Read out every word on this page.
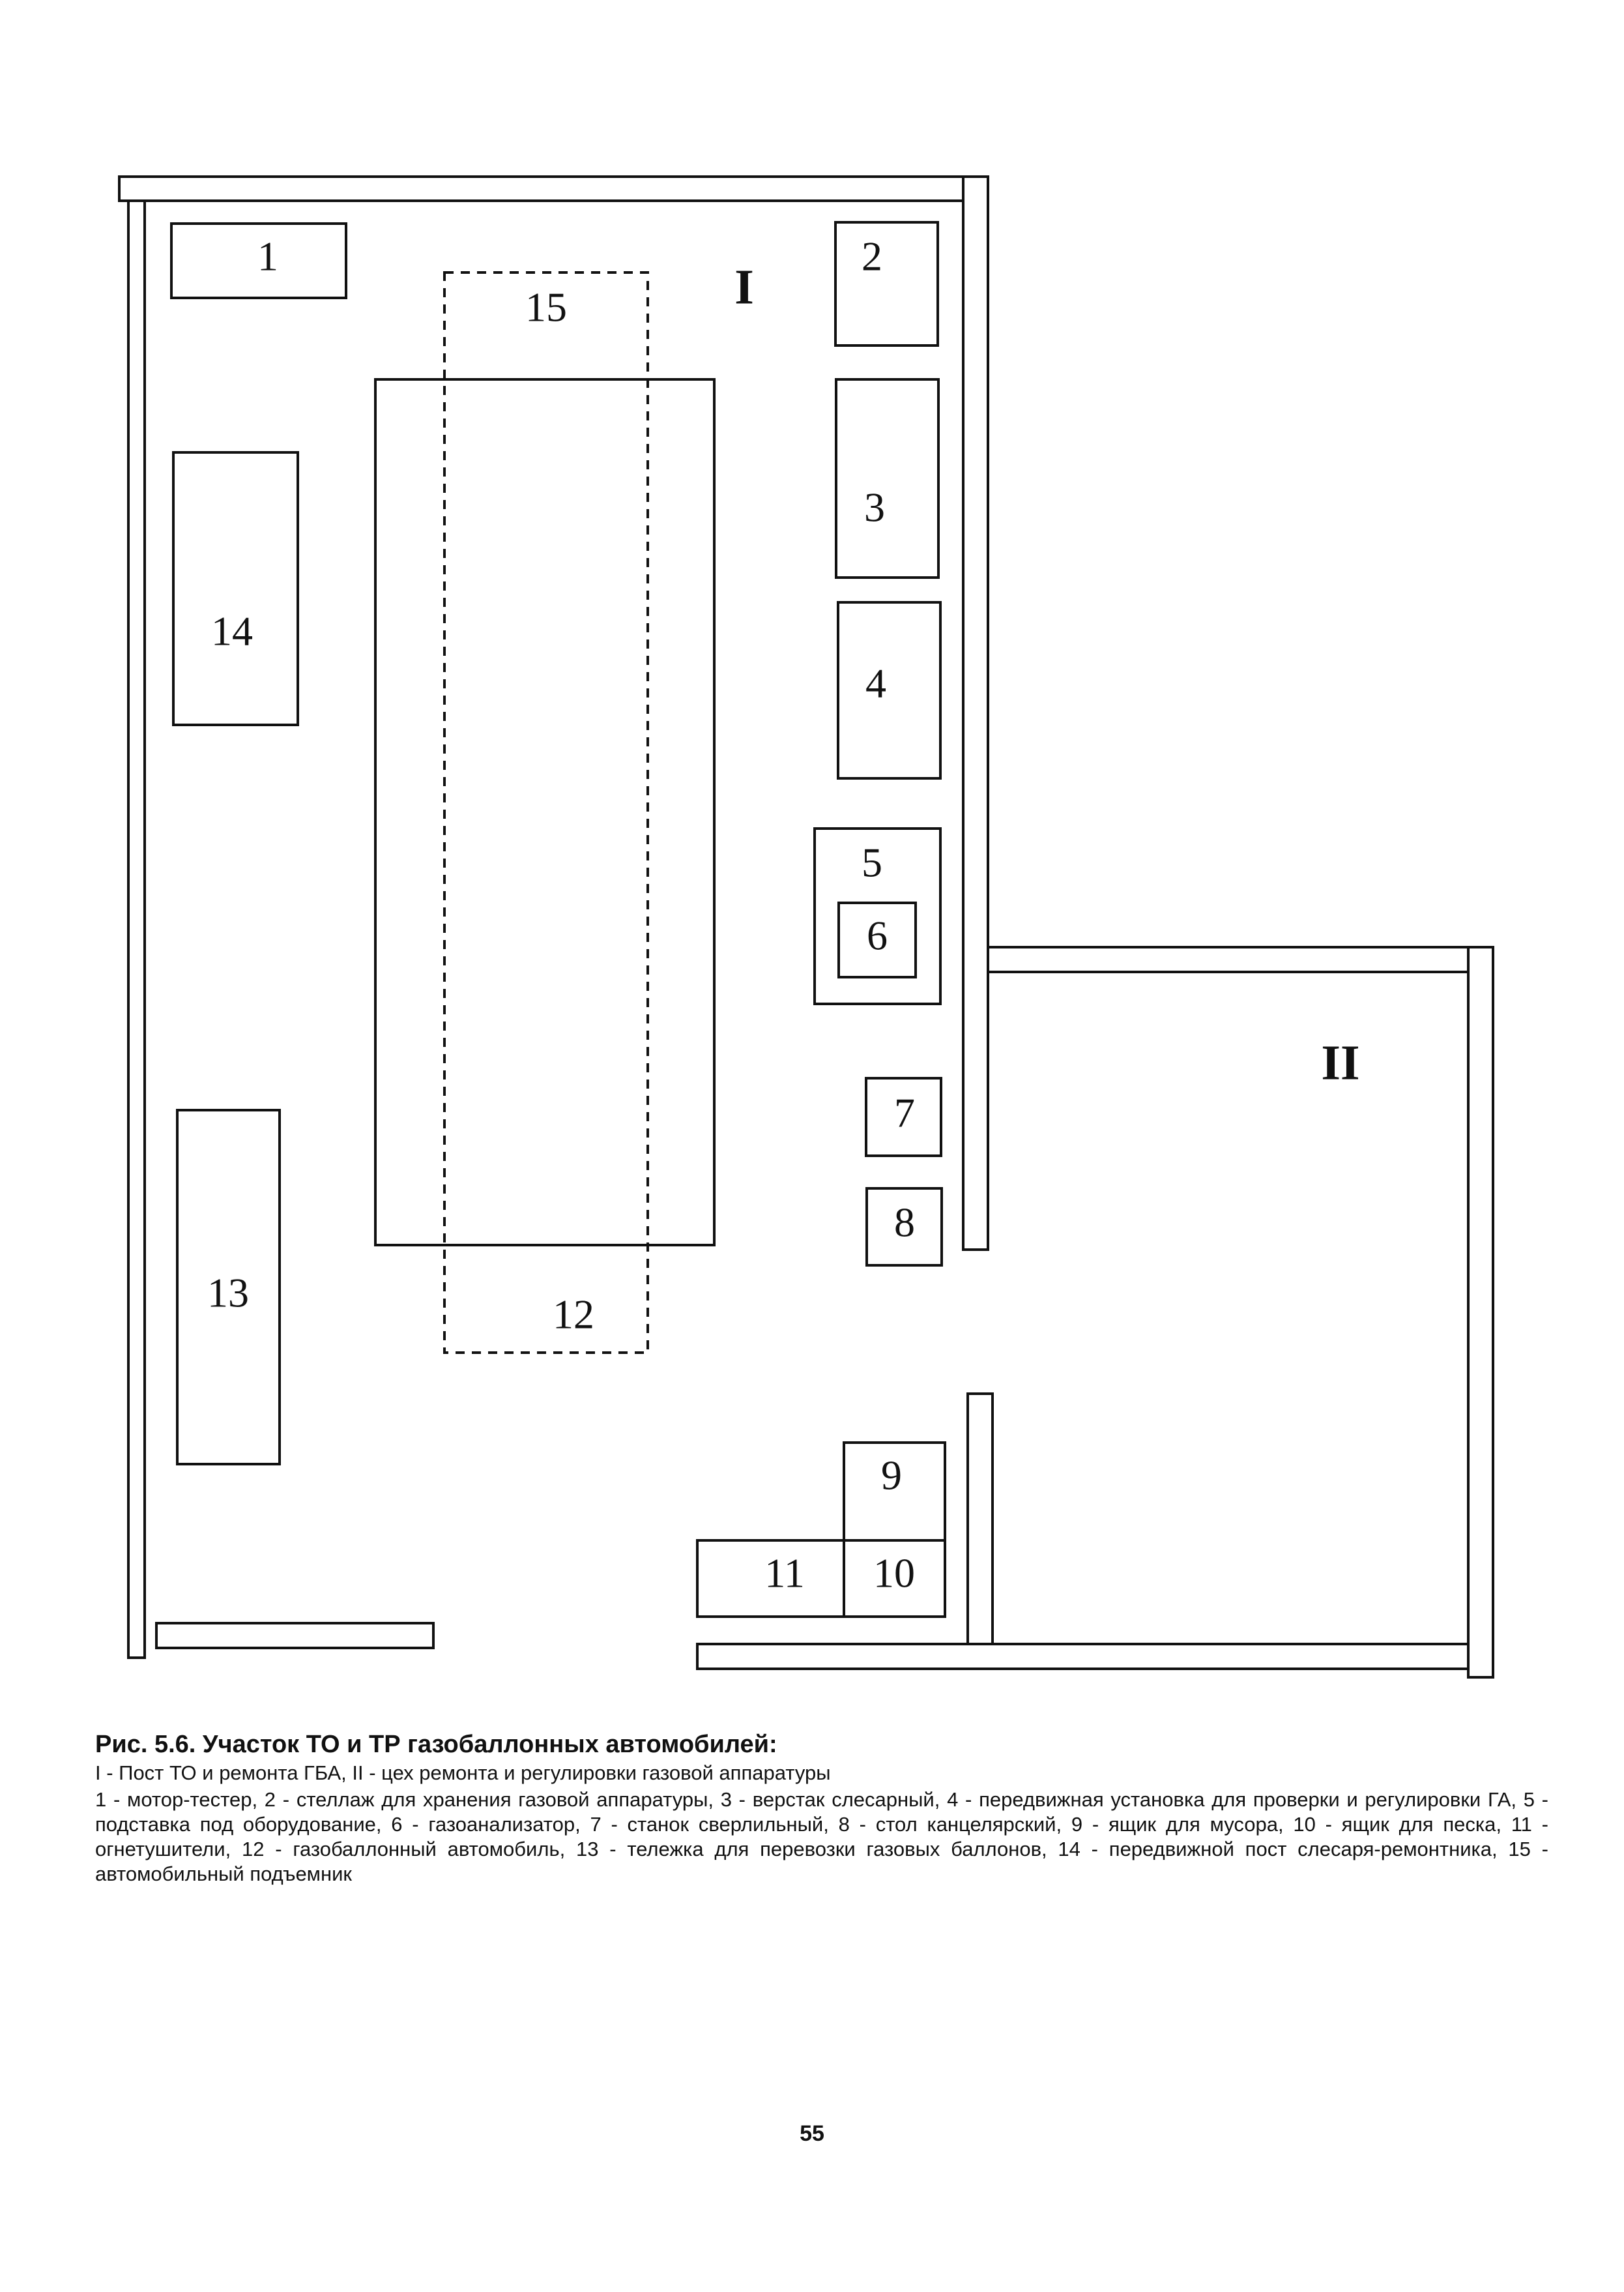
I
II
1	2
3
4
5
6
7
8
9
10
11
12
13
14
15
Рис. 5.6. Участок ТО и ТР газобаллонных автомобилей:
I - Пост ТО и ремонта ГБА, II - цех ремонта и регулировки газовой аппаратуры
1 - мотор-тестер, 2 - стеллаж для хранения газовой аппаратуры, 3 - верстак слесарный, 4 - передвижная установка для проверки и регулировки ГА, 5 - подставка под оборудование, 6 - газоанализатор, 7 - станок сверлильный, 8 - стол канцелярский, 9 - ящик для мусора, 10 - ящик для песка, 11 - огнетушители, 12 - газобаллонный автомобиль, 13 - тележка для перевозки газовых баллонов, 14 - передвижной пост слесаря-ремонтника, 15 - автомобильный подъемник
55
